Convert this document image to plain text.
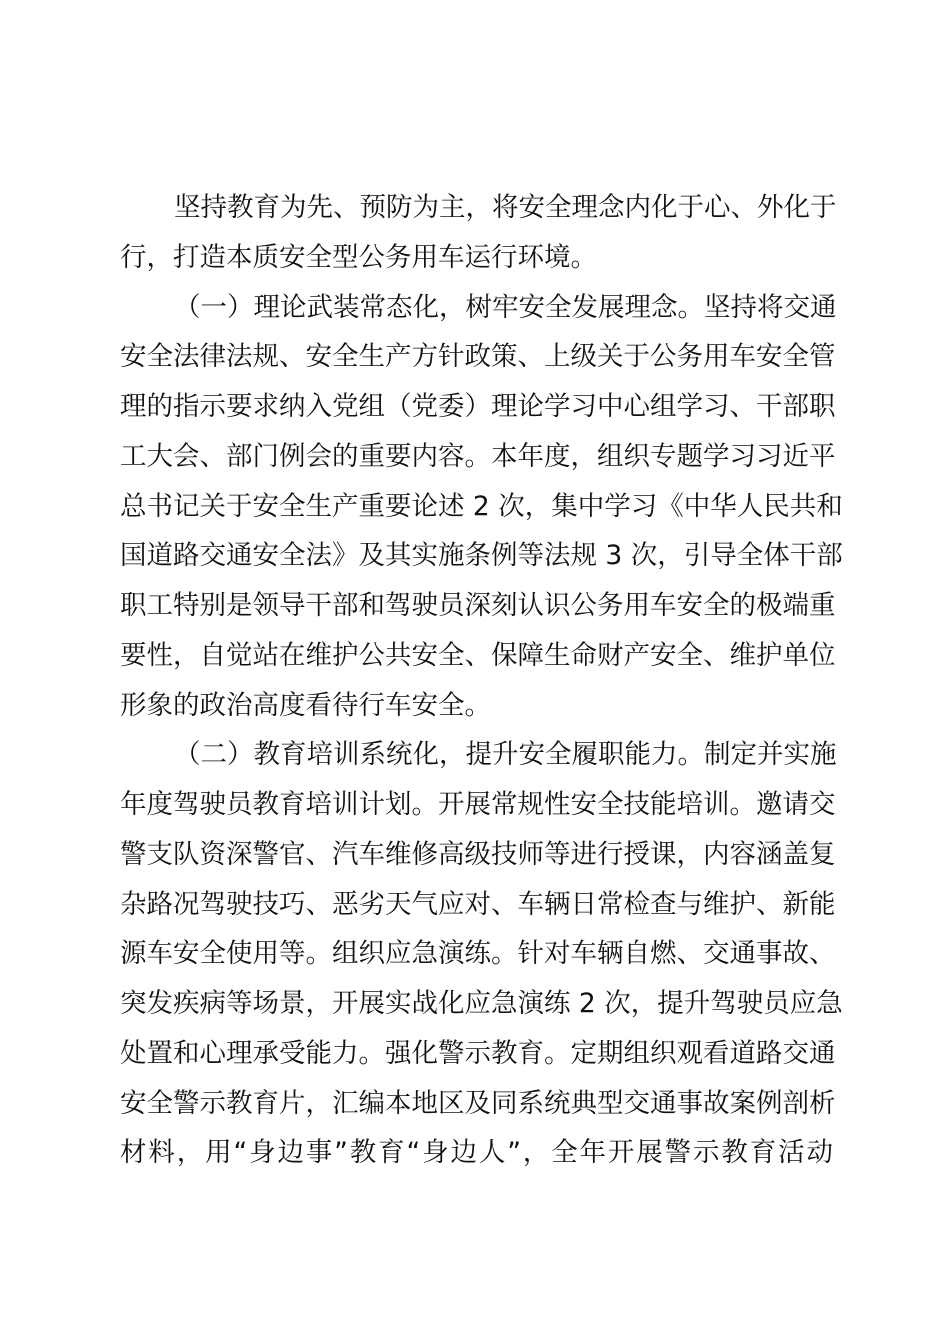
坚持教育为先、预防为主，将安全理念内化于心、外化于
行，打造本质安全型公务用车运行环境。
（一）理论武装常态化，树牢安全发展理念。坚持将交通
安全法律法规、安全生产方针政策、上级关于公务用车安全管
理的指示要求纳入党组（党委）理论学习中心组学习、干部职
工大会、部门例会的重要内容。本年度，组织专题学习习近平
总书记关于安全生产重要论述 2 次，集中学习《中华人民共和
国道路交通安全法》及其实施条例等法规 3 次，引导全体干部
职工特别是领导干部和驾驶员深刻认识公务用车安全的极端重
要性，自觉站在维护公共安全、保障生命财产安全、维护单位
形象的政治高度看待行车安全。
（二）教育培训系统化，提升安全履职能力。制定并实施
年度驾驶员教育培训计划。开展常规性安全技能培训。邀请交
警支队资深警官、汽车维修高级技师等进行授课，内容涵盖复
杂路况驾驶技巧、恶劣天气应对、车辆日常检查与维护、新能
源车安全使用等。组织应急演练。针对车辆自燃、交通事故、
突发疾病等场景，开展实战化应急演练 2 次，提升驾驶员应急
处置和心理承受能力。强化警示教育。定期组织观看道路交通
安全警示教育片，汇编本地区及同系统典型交通事故案例剖析
材料，用“身边事”教育“身边人”，全年开展警示教育活动
